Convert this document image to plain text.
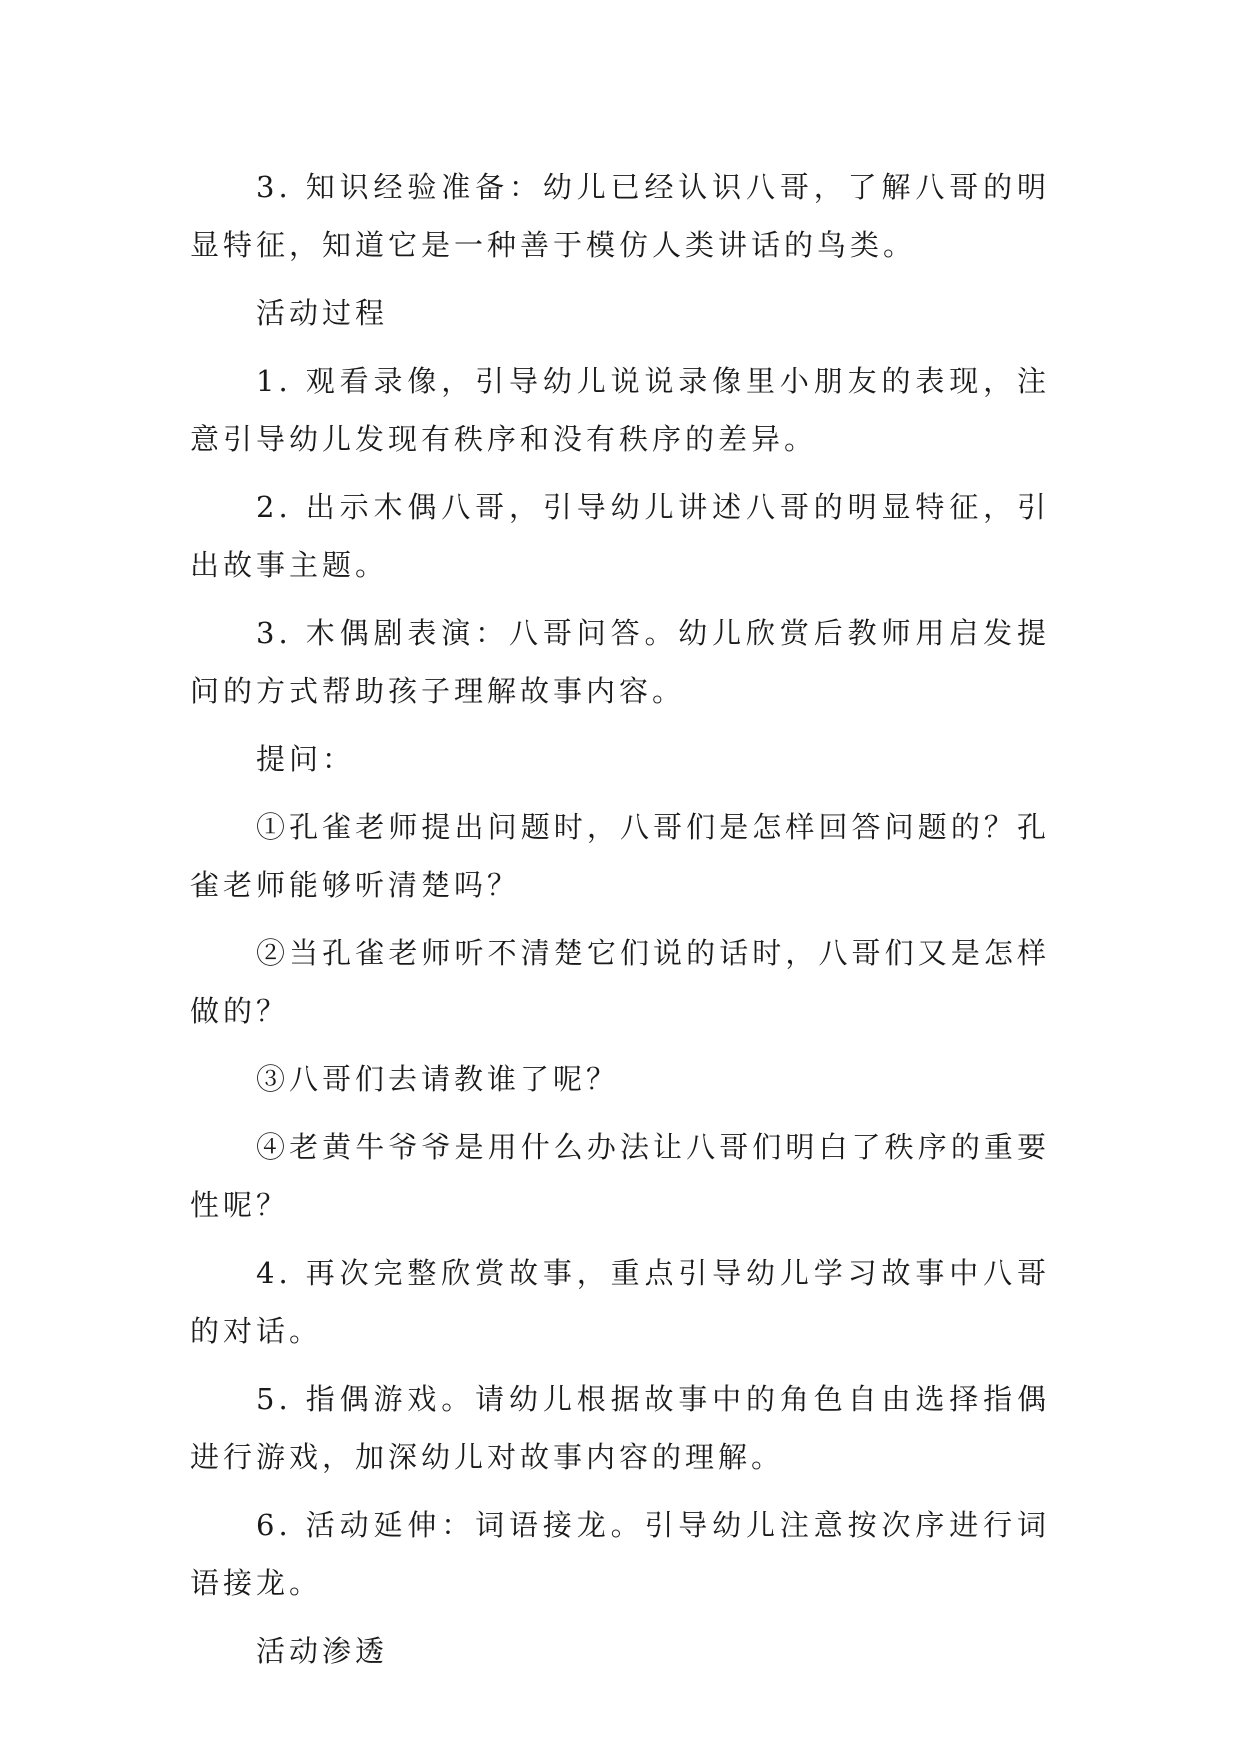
3. 知识经验准备：幼儿已经认识八哥，了解八哥的明显特征，知道它是一种善于模仿人类讲话的鸟类。

活动过程

1. 观看录像，引导幼儿说说录像里小朋友的表现，注意引导幼儿发现有秩序和没有秩序的差异。

2. 出示木偶八哥，引导幼儿讲述八哥的明显特征，引出故事主题。

3. 木偶剧表演：八哥问答。幼儿欣赏后教师用启发提问的方式帮助孩子理解故事内容。

提问：

①孔雀老师提出问题时，八哥们是怎样回答问题的？孔雀老师能够听清楚吗？

②当孔雀老师听不清楚它们说的话时，八哥们又是怎样做的？

③八哥们去请教谁了呢？

④老黄牛爷爷是用什么办法让八哥们明白了秩序的重要性呢？

4. 再次完整欣赏故事，重点引导幼儿学习故事中八哥的对话。

5. 指偶游戏。请幼儿根据故事中的角色自由选择指偶进行游戏，加深幼儿对故事内容的理解。

6. 活动延伸：词语接龙。引导幼儿注意按次序进行词语接龙。

活动渗透
